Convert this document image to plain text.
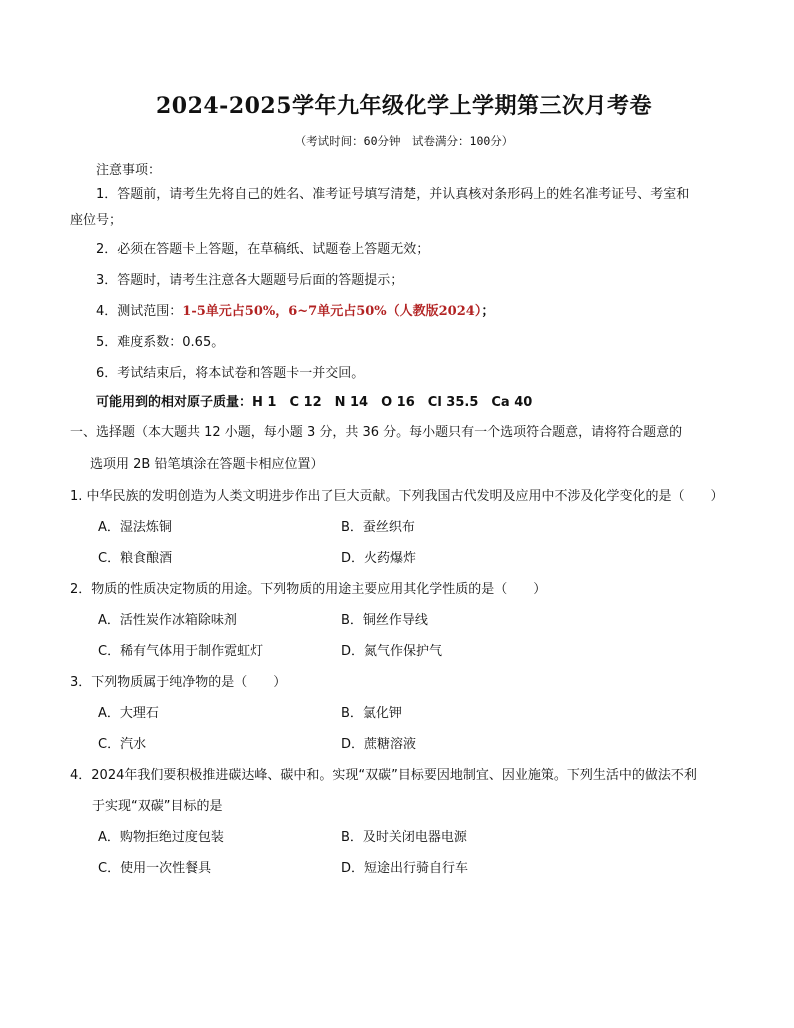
2024-2025学年九年级化学上学期第三次月考卷
（考试时间：60分钟　试卷满分：100分）
注意事项：
1．答题前，请考生先将自己的姓名、准考证号填写清楚，并认真核对条形码上的姓名准考证号、考室和
座位号；
2．必须在答题卡上答题，在草稿纸、试题卷上答题无效；
3．答题时，请考生注意各大题题号后面的答题提示；
4．测试范围：1-5单元占50%，6~7单元占50%（人教版2024）；
5．难度系数：0.65。
6．考试结束后，将本试卷和答题卡一并交回。
可能用到的相对原子质量：H 1　C 12　N 14　O 16　Cl 35.5　Ca 40
一、选择题（本大题共 12 小题，每小题 3 分，共 36 分。每小题只有一个选项符合题意，请将符合题意的
选项用 2B 铅笔填涂在答题卡相应位置）
1. 中华民族的发明创造为人类文明进步作出了巨大贡献。下列我国古代发明及应用中不涉及化学变化的是（　　）
A．湿法炼铜	B．蚕丝织布
C．粮食酿酒	D．火药爆炸
2．物质的性质决定物质的用途。下列物质的用途主要应用其化学性质的是（　　）
A．活性炭作冰箱除味剂	B．铜丝作导线
C．稀有气体用于制作霓虹灯	D．氮气作保护气
3．下列物质属于纯净物的是（　　）
A．大理石	B．氯化钾
C．汽水	D．蔗糖溶液
4．2024年我们要积极推进碳达峰、碳中和。实现“双碳”目标要因地制宜、因业施策。下列生活中的做法不利
于实现“双碳”目标的是
A．购物拒绝过度包装	B．及时关闭电器电源
C．使用一次性餐具	D．短途出行骑自行车
